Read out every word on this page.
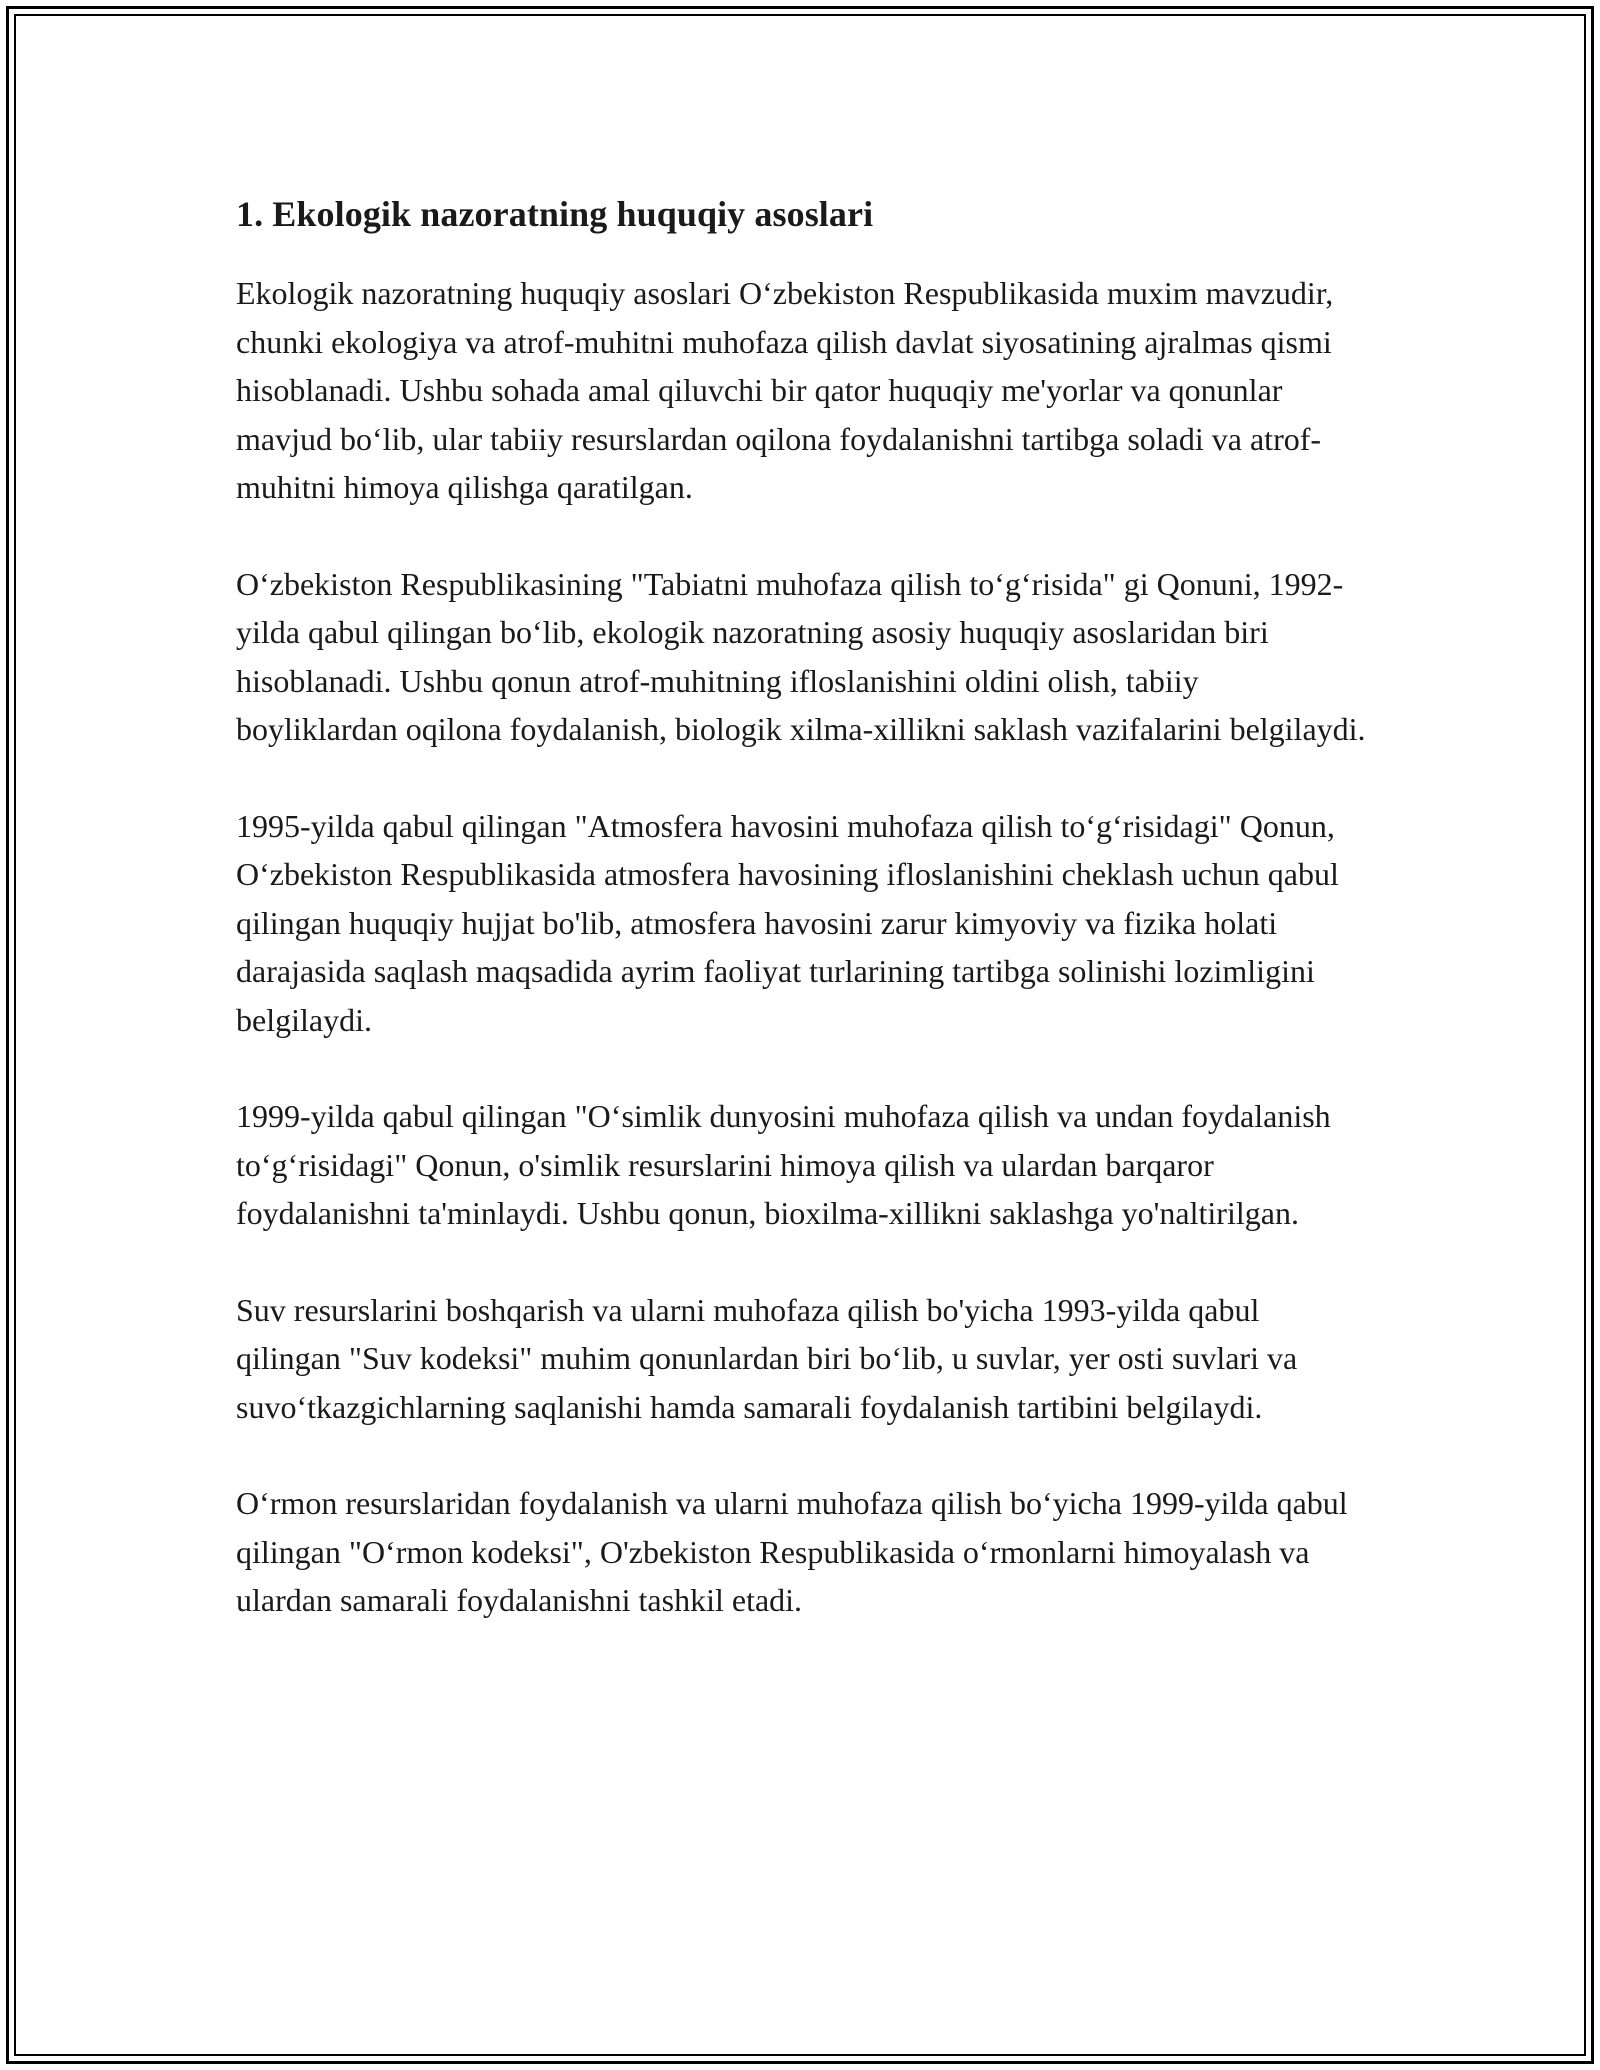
1. Ekologik nazoratning huquqiy asoslari

Ekologik nazoratning huquqiy asoslari O‘zbekiston Respublikasida muxim mavzudir, chunki ekologiya va atrof-muhitni muhofaza qilish davlat siyosatining ajralmas qismi hisoblanadi. Ushbu sohada amal qiluvchi bir qator huquqiy me'yorlar va qonunlar mavjud bo‘lib, ular tabiiy resurslardan oqilona foydalanishni tartibga soladi va atrof-muhitni himoya qilishga qaratilgan.

O‘zbekiston Respublikasining "Tabiatni muhofaza qilish to‘g‘risida" gi Qonuni, 1992-yilda qabul qilingan bo‘lib, ekologik nazoratning asosiy huquqiy asoslaridan biri hisoblanadi. Ushbu qonun atrof-muhitning ifloslanishini oldini olish, tabiiy boyliklardan oqilona foydalanish, biologik xilma-xillikni saklash vazifalarini belgilaydi.

1995-yilda qabul qilingan "Atmosfera havosini muhofaza qilish to‘g‘risidagi" Qonun, O‘zbekiston Respublikasida atmosfera havosining ifloslanishini cheklash uchun qabul qilingan huquqiy hujjat bo'lib, atmosfera havosini zarur kimyoviy va fizika holati darajasida saqlash maqsadida ayrim faoliyat turlarining tartibga solinishi lozimligini belgilaydi.

1999-yilda qabul qilingan "O‘simlik dunyosini muhofaza qilish va undan foydalanish to‘g‘risidagi" Qonun, o'simlik resurslarini himoya qilish va ulardan barqaror foydalanishni ta'minlaydi. Ushbu qonun, bioxilma-xillikni saklashga yo'naltirilgan.

Suv resurslarini boshqarish va ularni muhofaza qilish bo'yicha 1993-yilda qabul qilingan "Suv kodeksi" muhim qonunlardan biri bo‘lib, u suvlar, yer osti suvlari va suvo‘tkazgichlarning saqlanishi hamda samarali foydalanish tartibini belgilaydi.

O‘rmon resurslaridan foydalanish va ularni muhofaza qilish bo‘yicha 1999-yilda qabul qilingan "O‘rmon kodeksi", O'zbekiston Respublikasida o‘rmonlarni himoyalash va ulardan samarali foydalanishni tashkil etadi.
